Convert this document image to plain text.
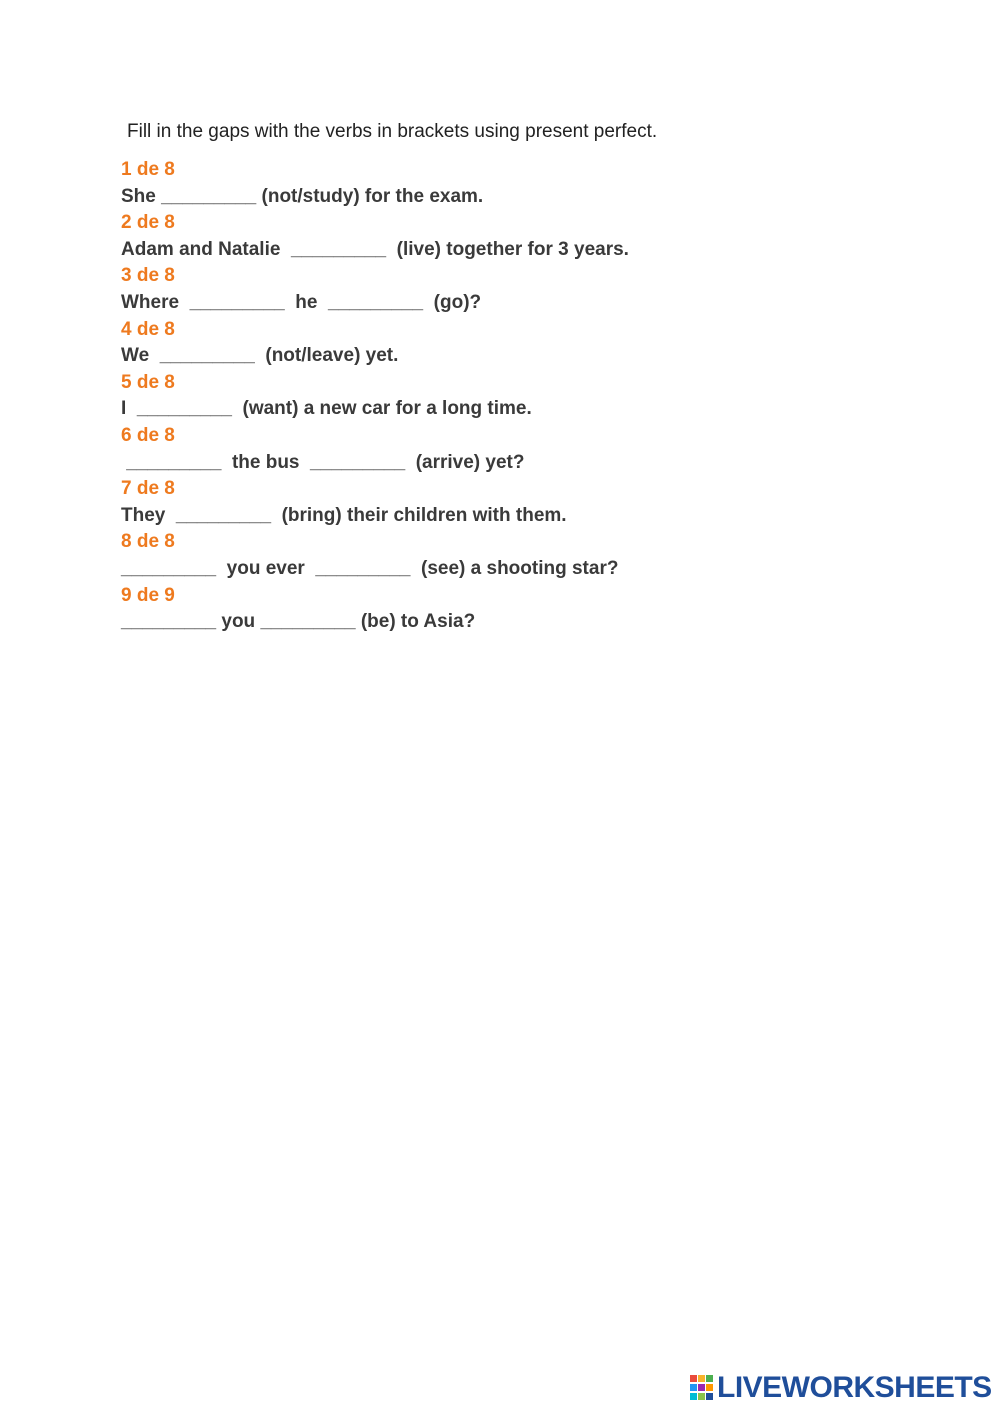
Fill in the gaps with the verbs in brackets using present perfect.
1 de 8
She _________ (not/study) for the exam.
2 de 8
Adam and Natalie  _________  (live) together for 3 years.
3 de 8
Where  _________  he  _________  (go)?
4 de 8
We  _________  (not/leave) yet.
5 de 8
I  _________  (want) a new car for a long time.
6 de 8
_________  the bus  _________  (arrive) yet?
7 de 8
They  _________  (bring) their children with them.
8 de 8
_________  you ever  _________  (see) a shooting star?
9 de 9
_________ you _________ (be) to Asia?
LIVEWORKSHEETS
